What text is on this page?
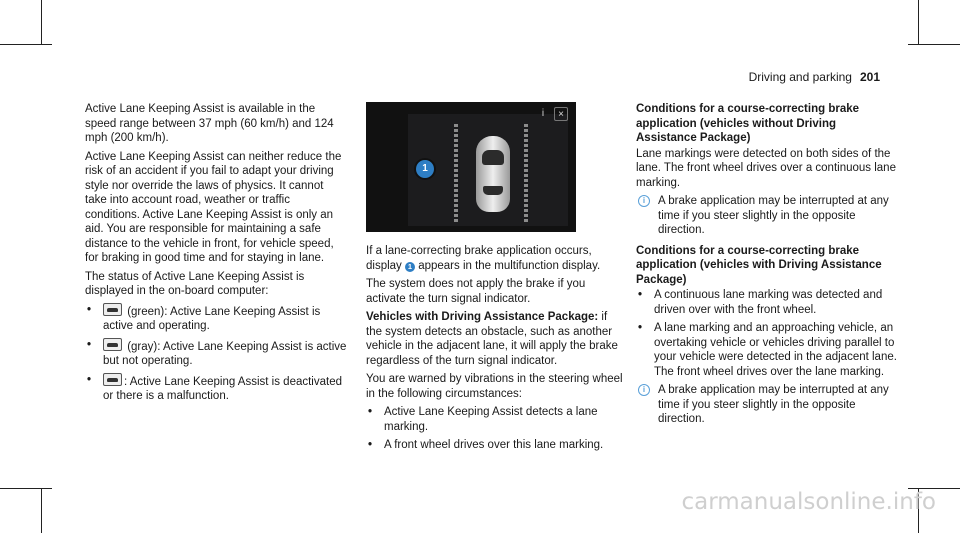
Driving and parking 201

Active Lane Keeping Assist is available in the speed range between 37 mph (60 km/h) and 124 mph (200 km/h).

Active Lane Keeping Assist can neither reduce the risk of an accident if you fail to adapt your driving style nor override the laws of physics. It cannot take into account road, weather or traffic conditions. Active Lane Keeping Assist is only an aid. You are responsible for maintaining a safe distance to the vehicle in front, for vehicle speed, for braking in good time and for staying in lane.

The status of Active Lane Keeping Assist is displayed in the on-board computer:

• (green): Active Lane Keeping Assist is active and operating.
• (gray): Active Lane Keeping Assist is active but not operating.
• : Active Lane Keeping Assist is deactivated or there is a malfunction.
i	×
1

If a lane-correcting brake application occurs, display 1 appears in the multifunction display.

The system does not apply the brake if you activate the turn signal indicator.

Vehicles with Driving Assistance Package: if the system detects an obstacle, such as another vehicle in the adjacent lane, it will apply the brake regardless of the turn signal indicator.

You are warned by vibrations in the steering wheel in the following circumstances:

• Active Lane Keeping Assist detects a lane marking.
• A front wheel drives over this lane marking.
Conditions for a course-correcting brake application (vehicles without Driving Assistance Package)

Lane markings were detected on both sides of the lane. The front wheel drives over a continuous lane marking.

i	A brake application may be interrupted at any time if you steer slightly in the opposite direction.
Conditions for a course-correcting brake application (vehicles with Driving Assistance Package)
• A continuous lane marking was detected and driven over with the front wheel.
• A lane marking and an approaching vehicle, an overtaking vehicle or vehicles driving parallel to your vehicle were detected in the adjacent lane. The front wheel drives over the lane marking.
i	A brake application may be interrupted at any time if you steer slightly in the opposite direction.
carmanualsonline.info
